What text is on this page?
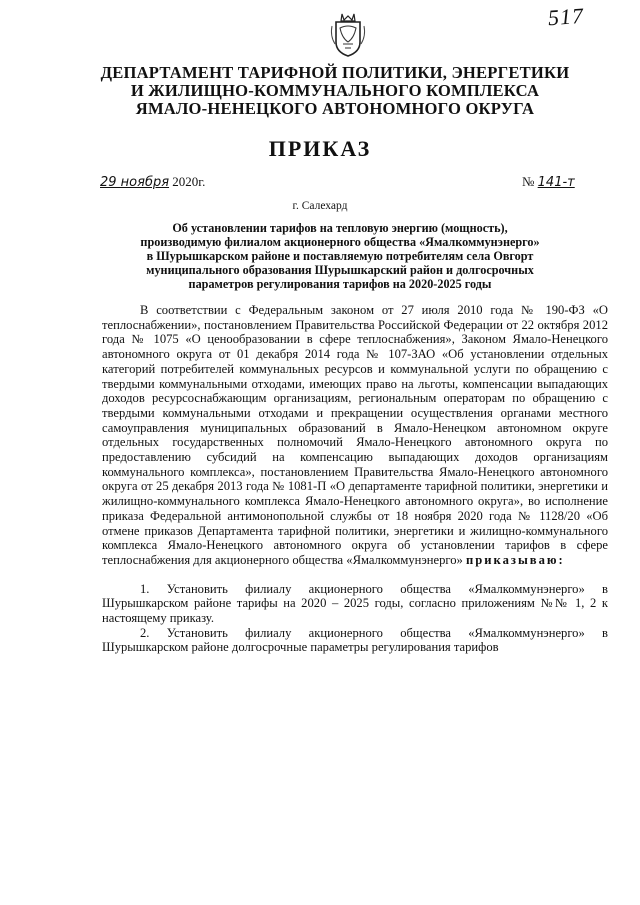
517
ДЕПАРТАМЕНТ ТАРИФНОЙ ПОЛИТИКИ, ЭНЕРГЕТИКИ
И ЖИЛИЩНО-КОММУНАЛЬНОГО КОМПЛЕКСА
ЯМАЛО-НЕНЕЦКОГО АВТОНОМНОГО ОКРУГА
ПРИКАЗ
29 ноября 2020г.	№ 141-т
г. Салехард
Об установлении тарифов на тепловую энергию (мощность),
производимую филиалом акционерного общества «Ямалкоммунэнерго»
в Шурышкарском районе и поставляемую потребителям села Овгорт
муниципального образования Шурышкарский район и долгосрочных
параметров регулирования тарифов на 2020-2025 годы

В соответствии с Федеральным законом от 27 июля 2010 года № 190-ФЗ «О теплоснабжении», постановлением Правительства Российской Федерации от 22 октября 2012 года № 1075 «О ценообразовании в сфере теплоснабжения», Законом Ямало-Ненецкого автономного округа от 01 декабря 2014 года № 107-ЗАО «Об установлении отдельных категорий потребителей коммунальных ресурсов и коммунальной услуги по обращению с твердыми коммунальными отходами, имеющих право на льготы, компенсации выпадающих доходов ресурсоснабжающим организациям, региональным операторам по обращению с твердыми коммунальными отходами и прекращении осуществления органами местного самоуправления муниципальных образований в Ямало-Ненецком автономном округе отдельных государственных полномочий Ямало-Ненецкого автономного округа по предоставлению субсидий на компенсацию выпадающих доходов организациям коммунального комплекса», постановлением Правительства Ямало-Ненецкого автономного округа от 25 декабря 2013 года № 1081-П «О департаменте тарифной политики, энергетики и жилищно-коммунального комплекса Ямало-Ненецкого автономного округа», во исполнение приказа Федеральной антимонопольной службы от 18 ноября 2020 года № 1128/20 «Об отмене приказов Департамента тарифной политики, энергетики и жилищно-коммунального комплекса Ямало-Ненецкого автономного округа об установлении тарифов в сфере теплоснабжения для акционерного общества «Ямалкоммунэнерго» приказываю:

1. Установить филиалу акционерного общества «Ямалкоммунэнерго» в Шурышкарском районе тарифы на 2020 – 2025 годы, согласно приложениям №№ 1, 2 к настоящему приказу.

2. Установить филиалу акционерного общества «Ямалкоммунэнерго» в Шурышкарском районе долгосрочные параметры регулирования тарифов
